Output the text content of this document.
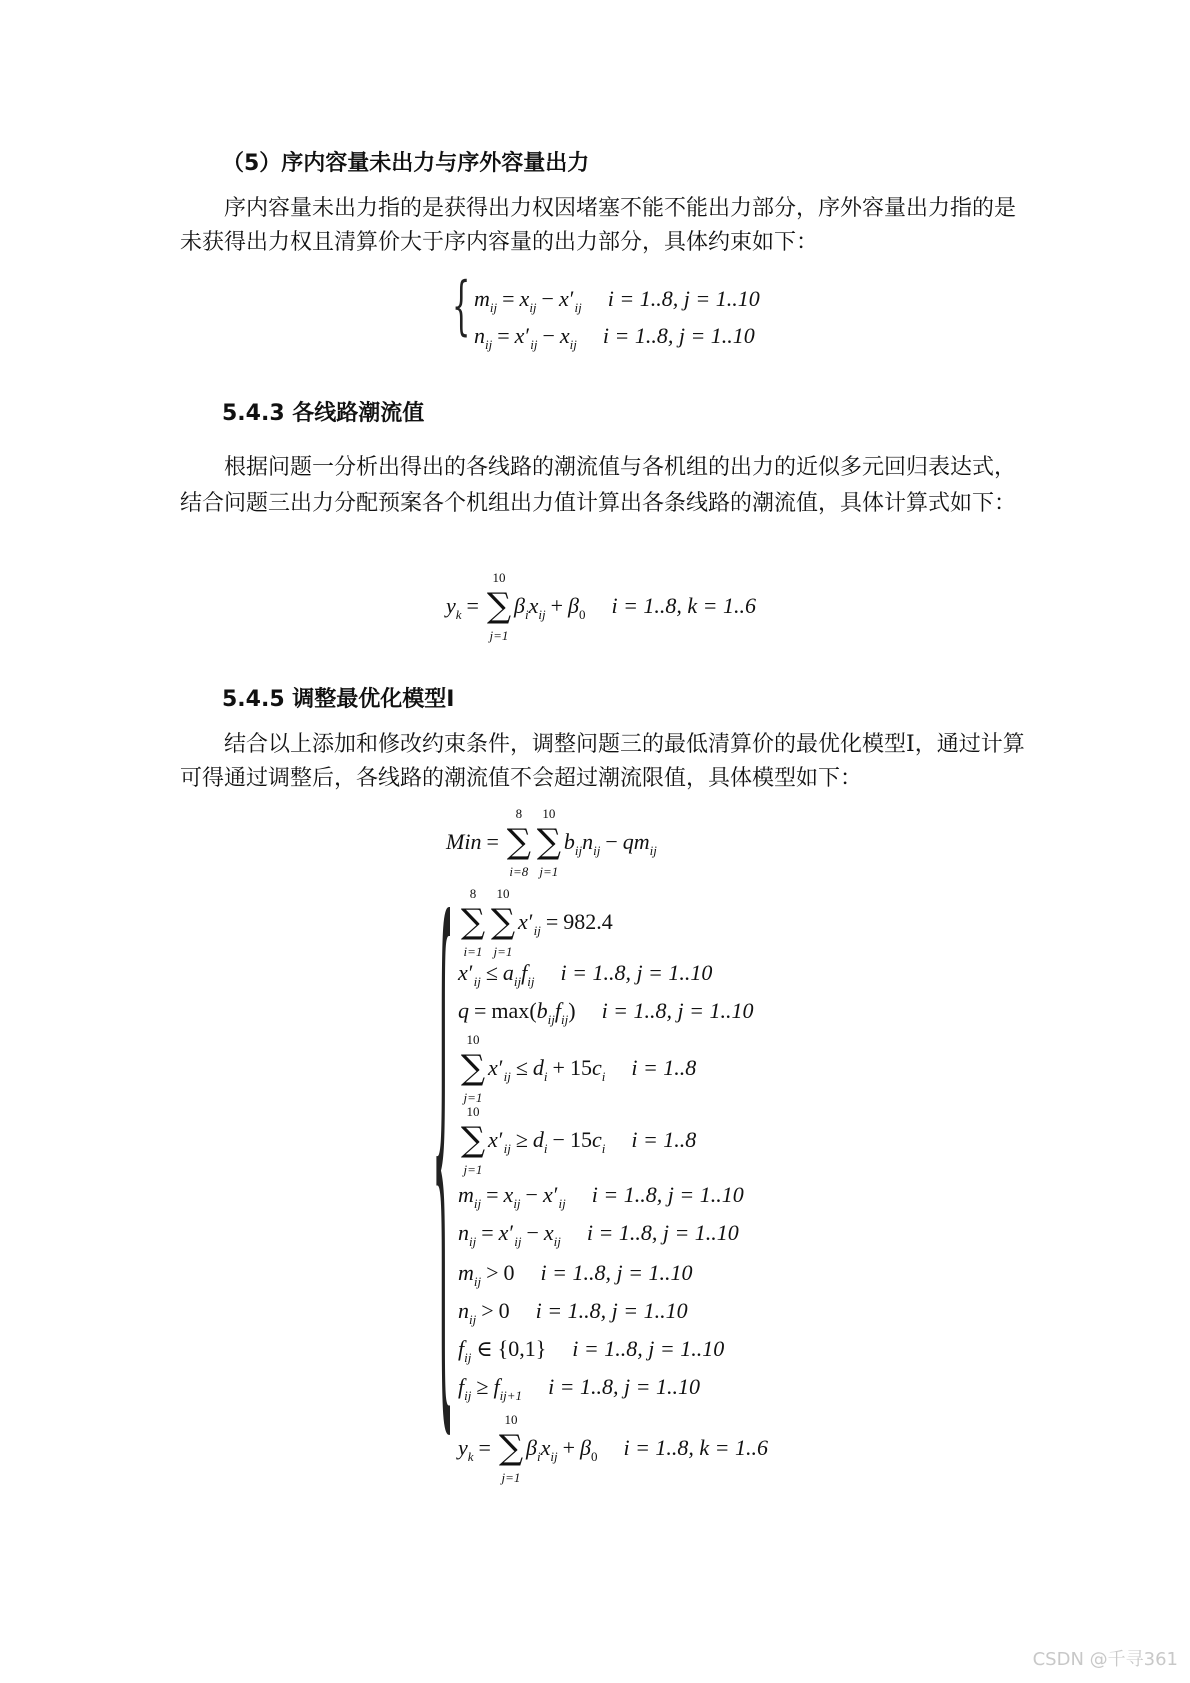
（5）序内容量未出力与序外容量出力
序内容量未出力指的是获得出力权因堵塞不能不能出力部分，序外容量出力指的是未获得出力权且清算价大于序内容量的出力部分，具体约束如下：
{ $m_{ij} = x_{ij} - x'_{ij}$ i = 1..8, j = 1..10
$n_{ij} = x'_{ij} - x_{ij}$ i = 1..8, j = 1..10
5.4.3 各线路潮流值
根据问题一分析出得出的各线路的潮流值与各机组的出力的近似多元回归表达式，结合问题三出力分配预案各个机组出力值计算出各条线路的潮流值，具体计算式如下：
$y_k$ =
10
∑
j=1
$\beta_ix_{ij} + \beta_0$ i = 1..8, k = 1..6
5.4.5 调整最优化模型Ⅰ
结合以上添加和修改约束条件，调整问题三的最低清算价的最优化模型Ⅰ，通过计算可得通过调整后，各线路的潮流值不会超过潮流限值，具体模型如下：
Min =
8
∑
i=8
10
∑
j=1
$b_{ij}n_{ij} - qm_{ij}$
{	8
∑
i=1
10
∑
j=1
$x'_{ij} = 982.4$
$x'_{ij} \le a_{ij}f_{ij}$ i = 1..8, j = 1..10
$q = \max(b_{ij}f_{ij}) i = 1..8$, j = 1..10
10
∑
j=1
$x'_{ij} \le d_i + 15c_i$ i = 1..8
10
∑
j=1
$x'_{ij} \ge d_i - 15c_i$ i = 1..8
$m_{ij} = x_{ij} - x'_{ij}$ i = 1..8, j = 1..10
$n_{ij} = x'_{ij} - x_{ij}$ i = 1..8, j = 1..10
$m_{ij} > 0$ i = 1..8, j = 1..10
$n_{ij} > 0$ i = 1..8, j = 1..10
$f_{ij}$ ∈ {0,1} i = 1..8, j = 1..10
$f_{ij} \ge f_{ij+1}$ i = 1..8, j = 1..10
$y_k$ =
10
∑
j=1
$\beta_ix_{ij} + \beta_0$ i = 1..8, k = 1..6
CSDN @千寻361
